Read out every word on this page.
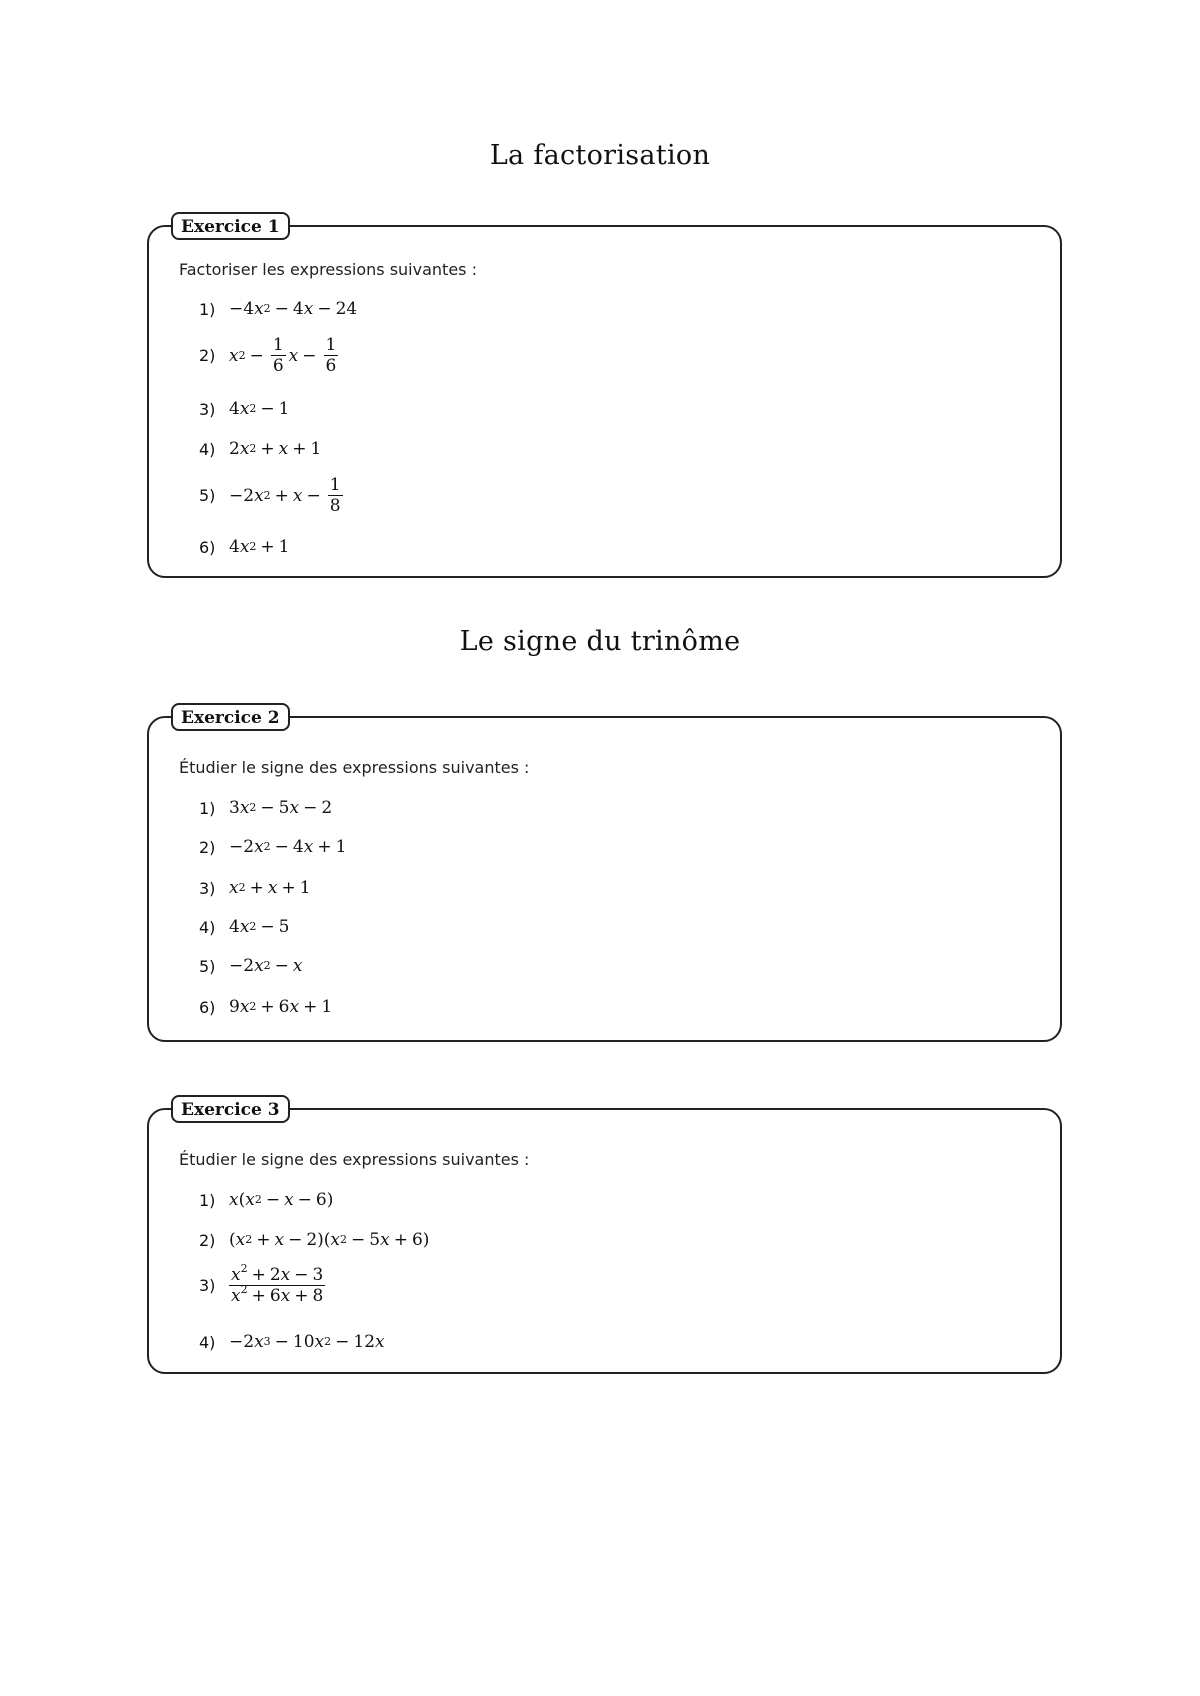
La factorisation
Exercice 1
Factoriser les expressions suivantes :
1) −4 x 2 − 4 x − 24
2) x $2 - \frac{1}{6}$ $x - \frac{1}{6}$
3) 4 x 2 − 1
4) 2 x 2 + x + 1
5) −2 x $2 + x - \frac{1}{8}$
6) 4 x 2 + 1
Le signe du trinôme
Exercice 2
Étudier le signe des expressions suivantes :
1) 3 x 2 − 5 x − 2
2) −2 x 2 − 4 x + 1
3) x 2 + x + 1
4) 4 x 2 − 5
5) −2 x 2 − x
6) 9 x 2 + 6 x + 1
Exercice 3
Étudier le signe des expressions suivantes :
1) x ( x 2 − x − 6)
2) ( x 2 + x − 2)( x 2 − 5 x + 6)
$3) \frac{x^2 + 2x - 3}{x^2 + 6x + 8}$
4) −2 x 3 − 10 x 2 − 12 x
